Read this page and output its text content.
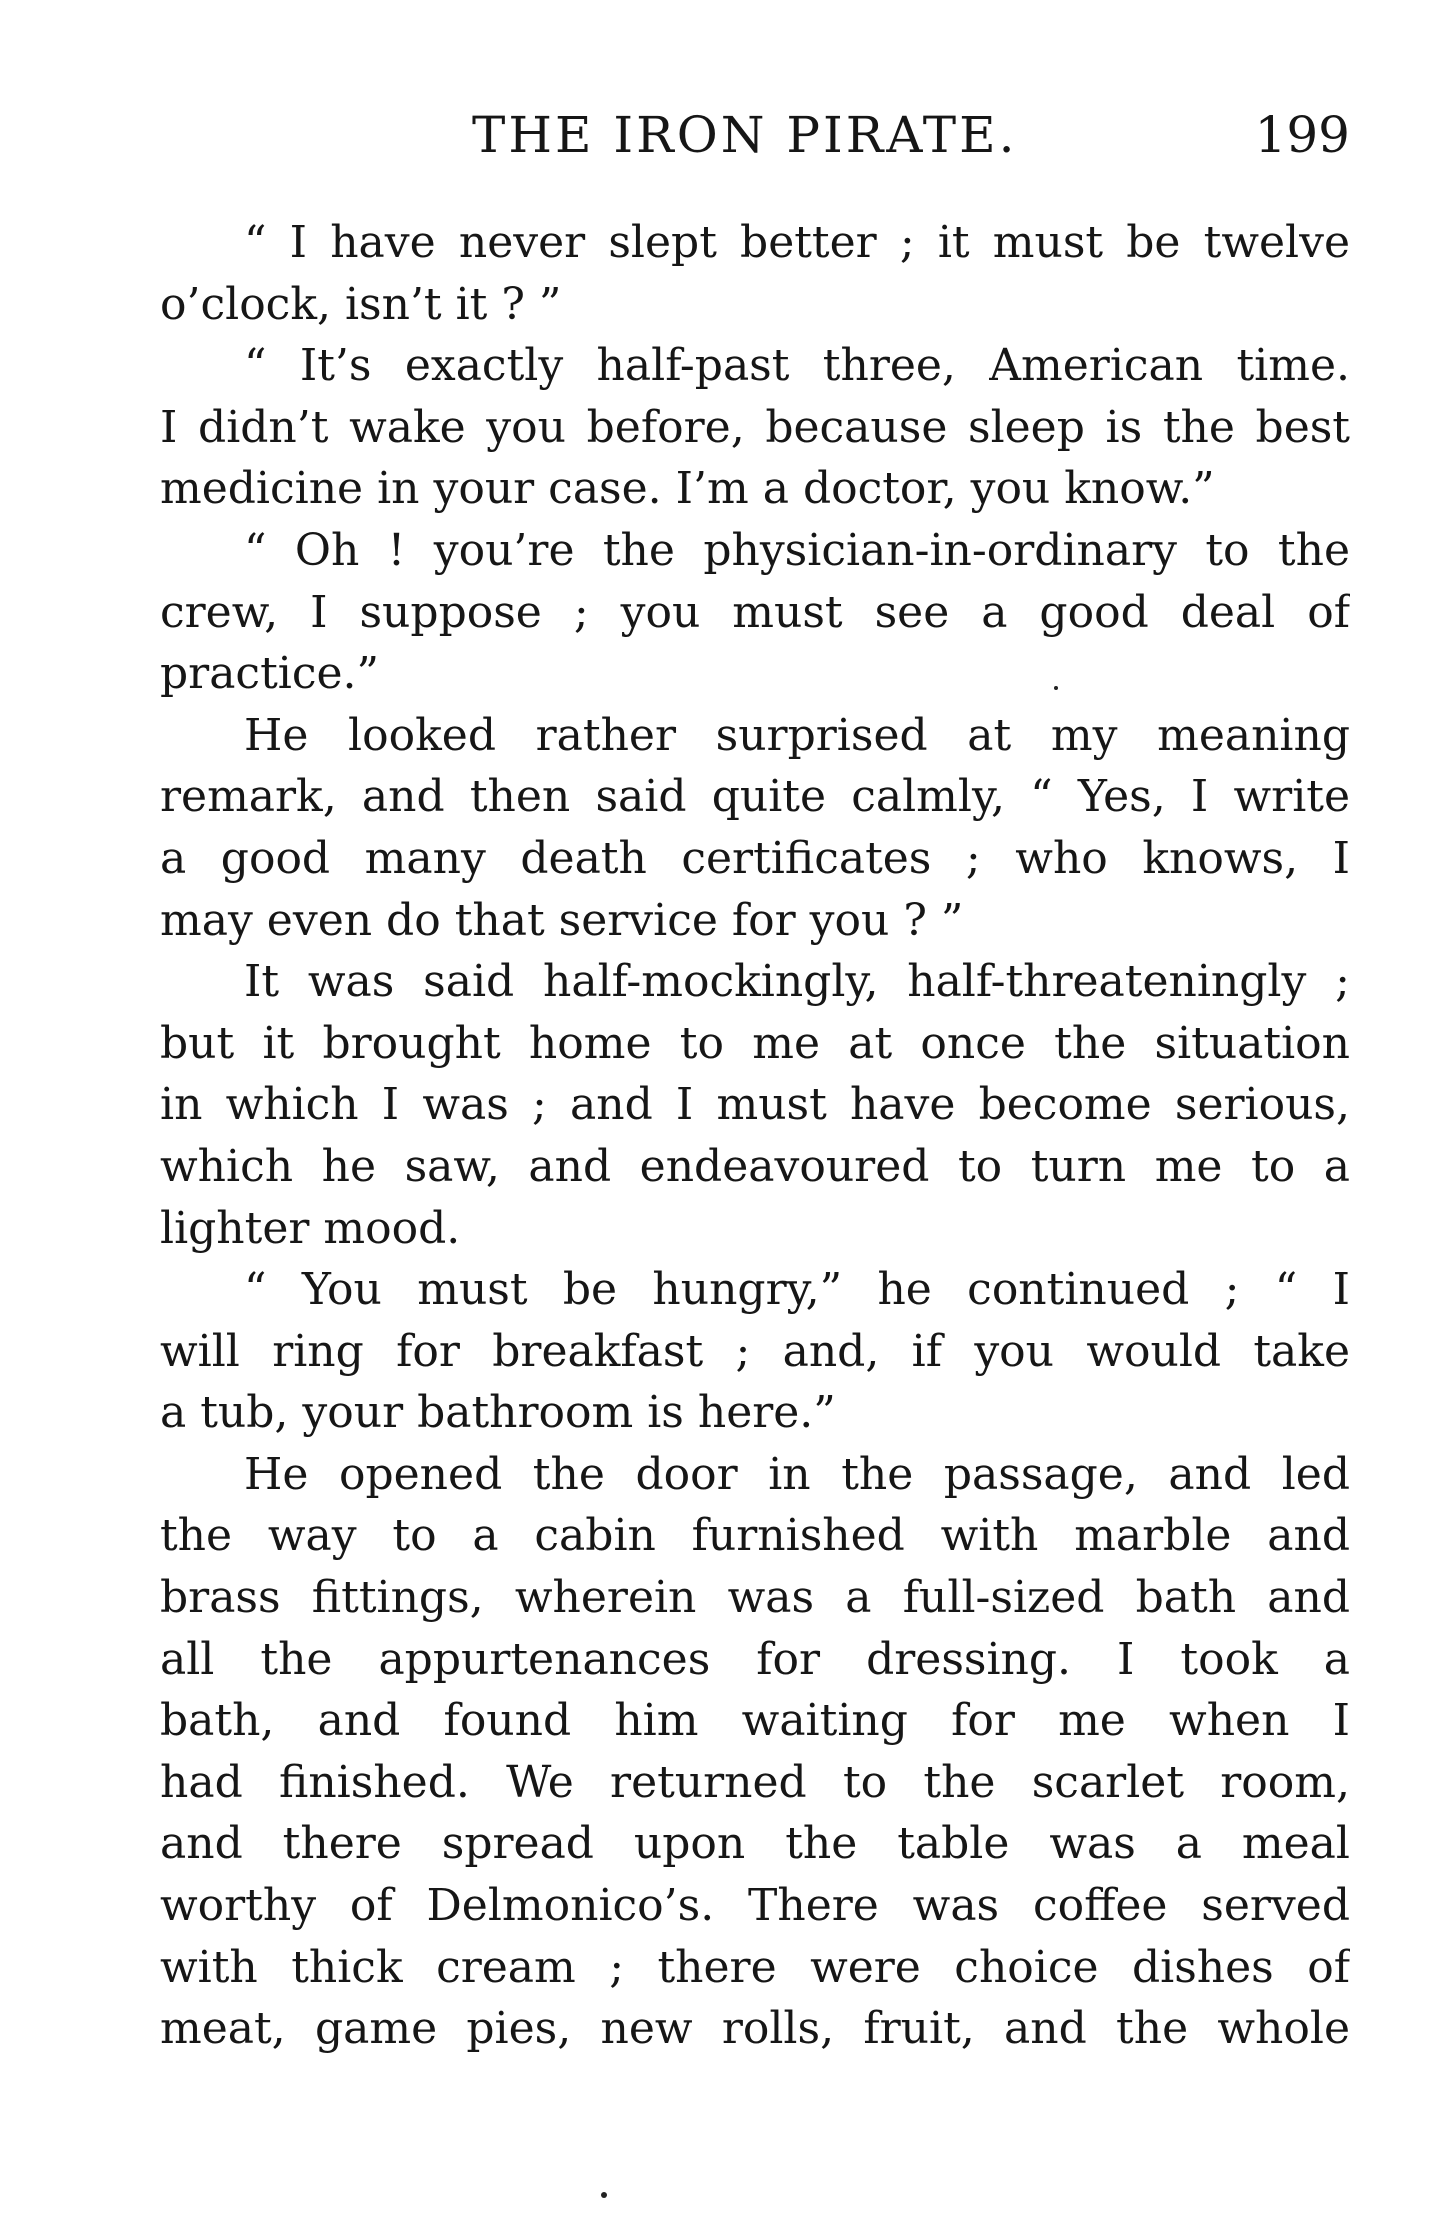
THE IRON PIRATE.	199
“ I have never slept better ; it must be twelve
o’clock, isn’t it ? ”
“ It’s exactly half-past three, American time.
I didn’t wake you before, because sleep is the best
medicine in your case. I’m a doctor, you know.”
“ Oh ! you’re the physician-in-ordinary to the
crew, I suppose ; you must see a good deal of
practice.”
He looked rather surprised at my meaning
remark, and then said quite calmly, “ Yes, I write
a good many death certificates ; who knows, I
may even do that service for you ? ”
It was said half-mockingly, half-threateningly ;
but it brought home to me at once the situation
in which I was ; and I must have become serious,
which he saw, and endeavoured to turn me to a
lighter mood.
“ You must be hungry,” he continued ; “ I
will ring for breakfast ; and, if you would take
a tub, your bathroom is here.”
He opened the door in the passage, and led
the way to a cabin furnished with marble and
brass fittings, wherein was a full-sized bath and
all the appurtenances for dressing. I took a
bath, and found him waiting for me when I
had finished. We returned to the scarlet room,
and there spread upon the table was a meal
worthy of Delmonico’s. There was coffee served
with thick cream ; there were choice dishes of
meat, game pies, new rolls, fruit, and the whole
